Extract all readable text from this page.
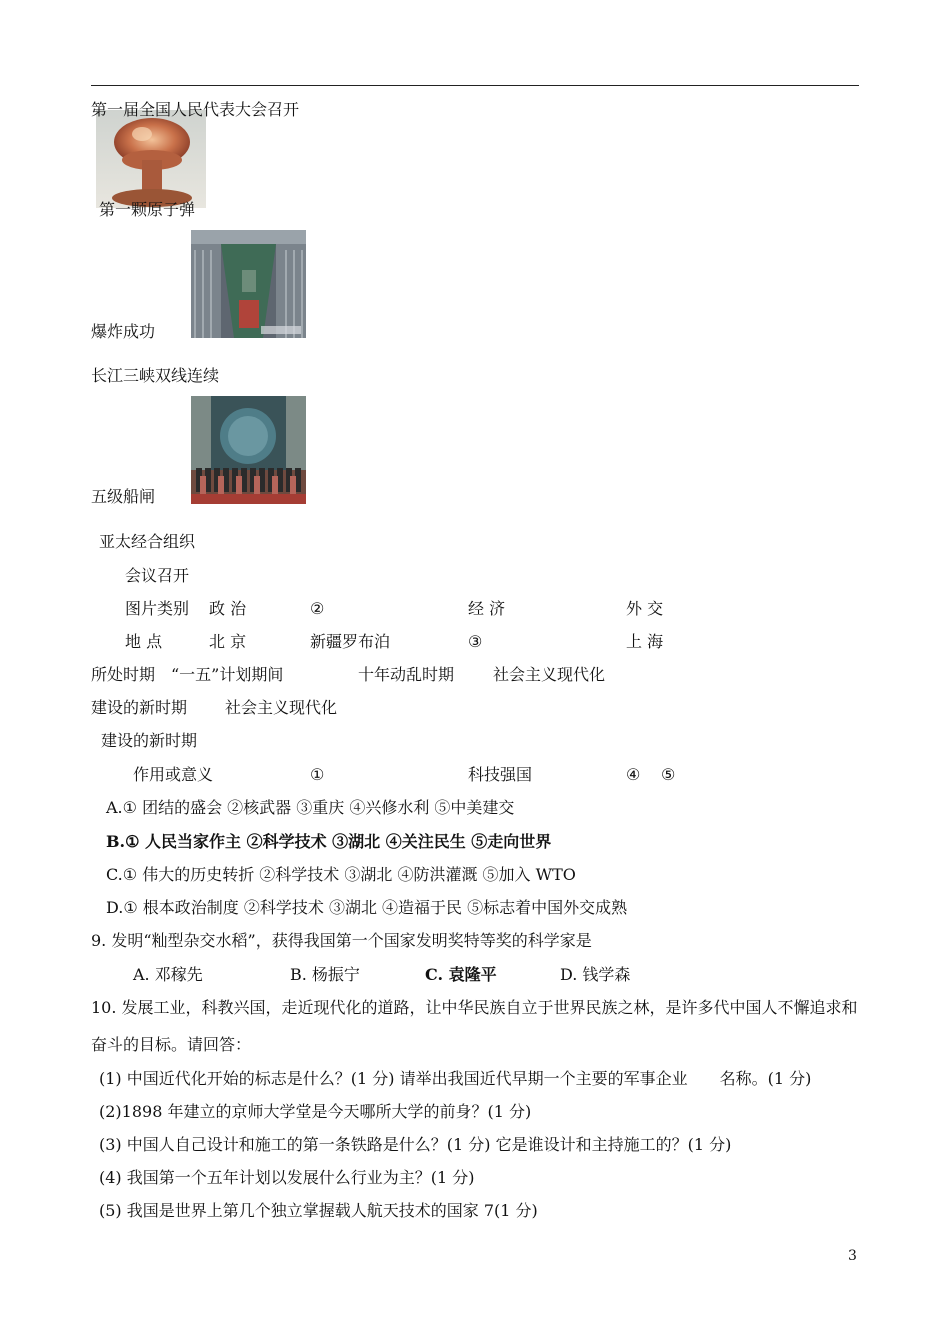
第一届全国人民代表大会召开
第一颗原子弹
爆炸成功
长江三峡双线连续
五级船闸
亚太经合组织
会议召开
图片类别 政 治	②	经 济	外 交
地 点	北 京	新疆罗布泊	③	上 海
所处时期 “一五”计划期间	十年动乱时期 社会主义现代化
建设的新时期 社会主义现代化
建设的新时期
作用或意义	①	科技强国	④ ⑤
A.① 团结的盛会 ②核武器 ③重庆 ④兴修水利 ⑤中美建交
B.① 人民当家作主 ②科学技术 ③湖北 ④关注民生 ⑤走向世界
C.① 伟大的历史转折 ②科学技术 ③湖北 ④防洪灌溉 ⑤加入 WTO
D.① 根本政治制度 ②科学技术 ③湖北 ④造福于民 ⑤标志着中国外交成熟
9. 发明“籼型杂交水稻”，获得我国第一个国家发明奖特等奖的科学家是
A. 邓稼先	B. 杨振宁	C. 袁隆平	D. 钱学森
10. 发展工业，科教兴国，走近现代化的道路，让中华民族自立于世界民族之林，是许多代中国人不懈追求和
奋斗的目标。请回答：
(1) 中国近代化开始的标志是什么？(1 分) 请举出我国近代早期一个主要的军事企业　　名称。(1 分)
(2)1898 年建立的京师大学堂是今天哪所大学的前身？(1 分)
(3) 中国人自己设计和施工的第一条铁路是什么？(1 分) 它是谁设计和主持施工的？(1 分)
(4) 我国第一个五年计划以发展什么行业为主？(1 分)
(5) 我国是世界上第几个独立掌握载人航天技术的国家 7(1 分)
3
